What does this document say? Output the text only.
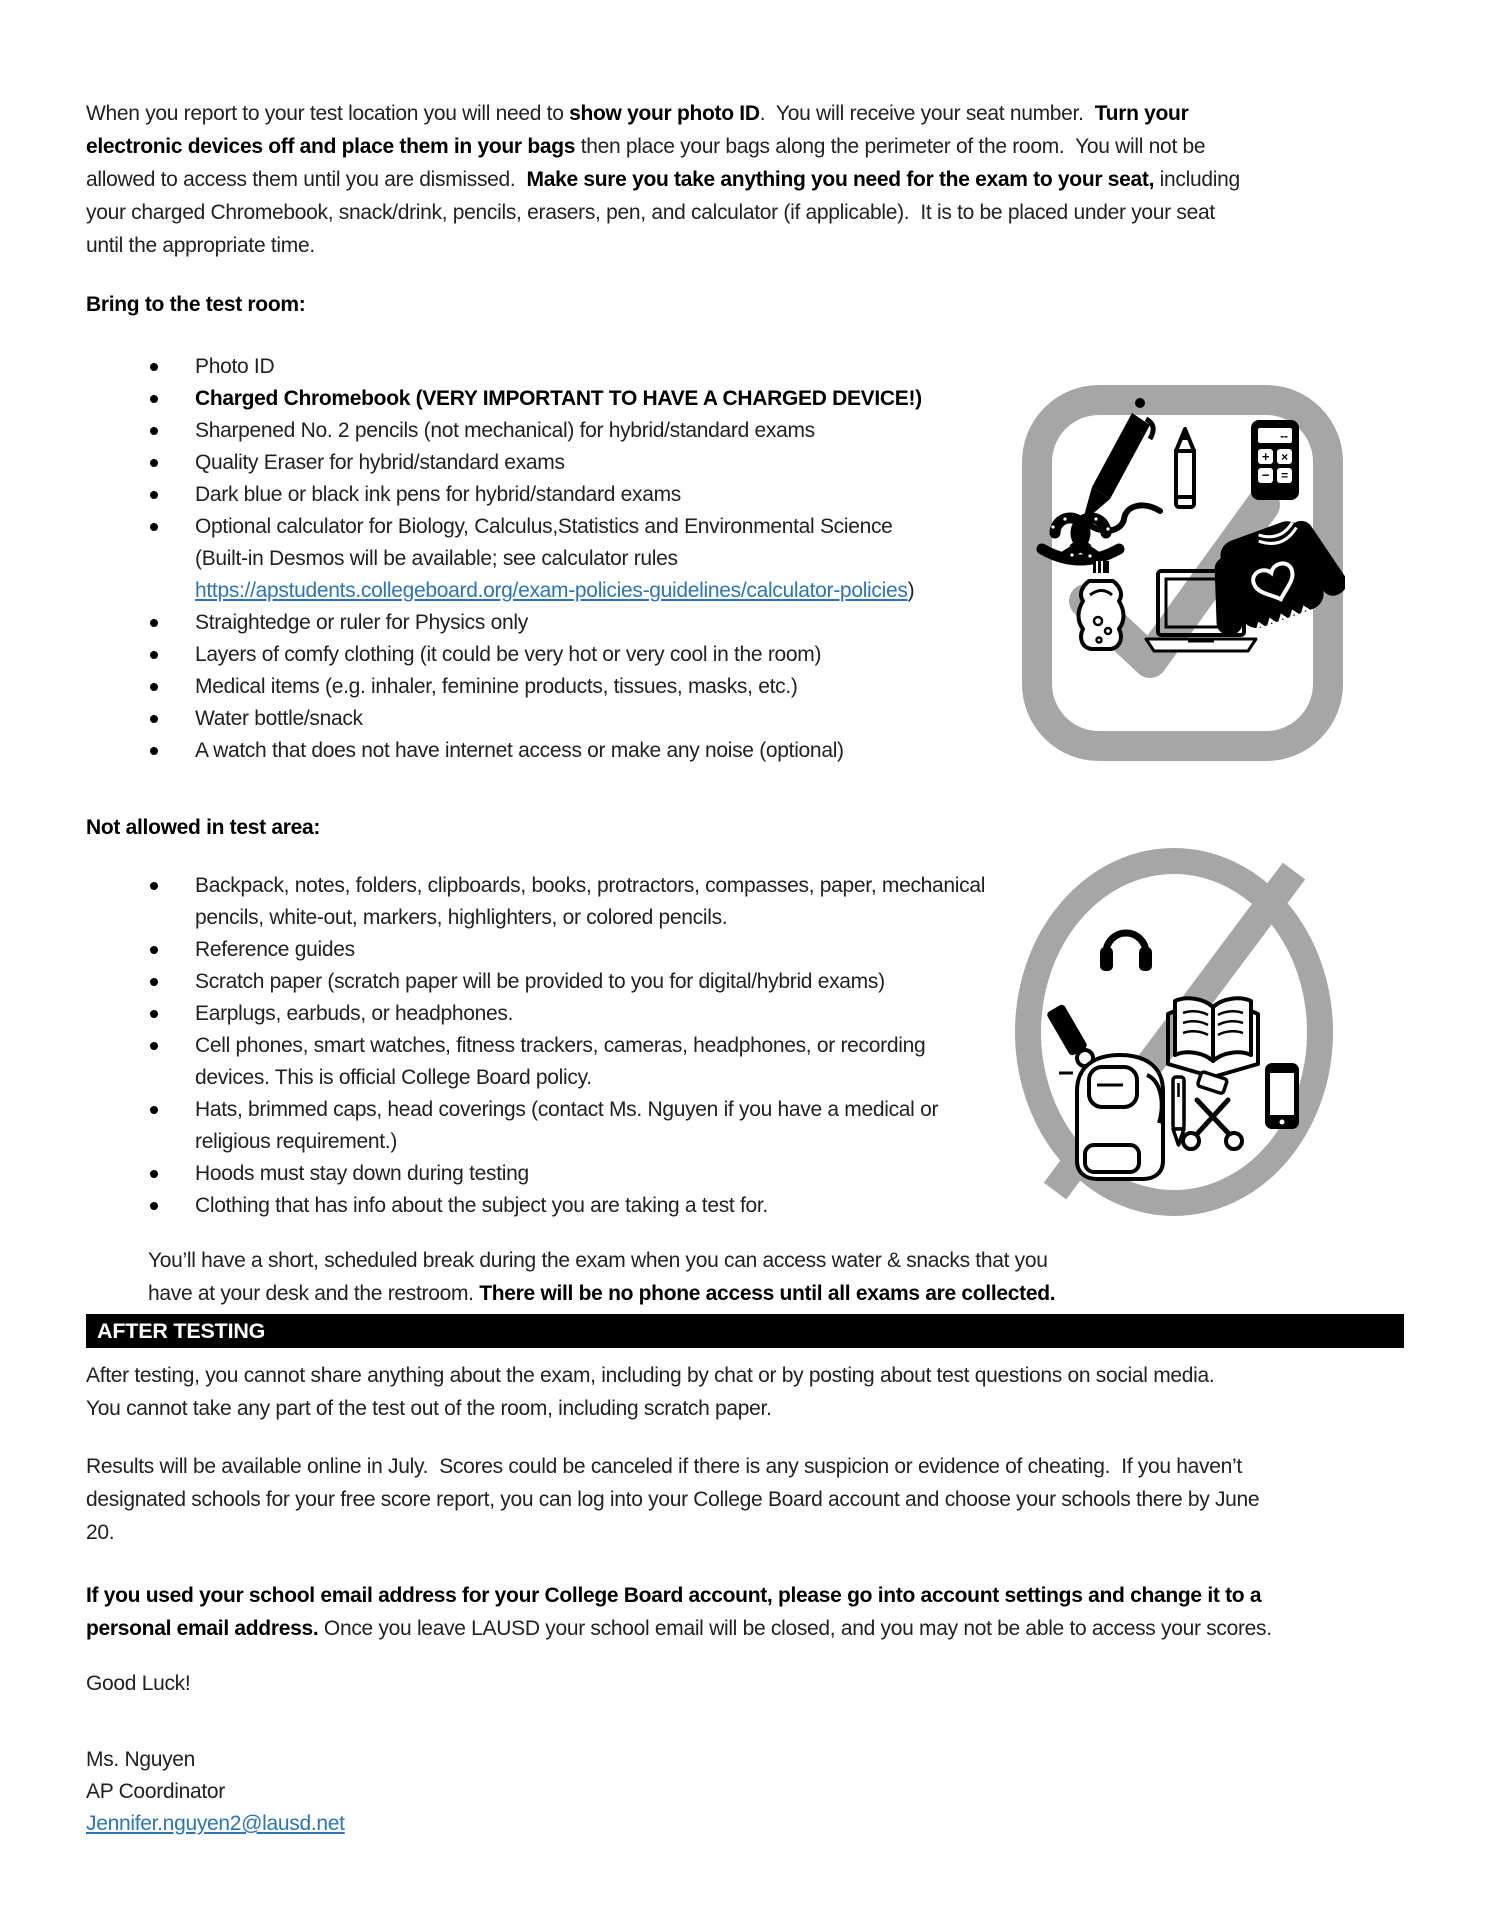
When you report to your test location you will need to show your photo ID.  You will receive your seat number.  Turn your
electronic devices off and place them in your bags then place your bags along the perimeter of the room.  You will not be
allowed to access them until you are dismissed.  Make sure you take anything you need for the exam to your seat, including
your charged Chromebook, snack/drink, pencils, erasers, pen, and calculator (if applicable).  It is to be placed under your seat
until the appropriate time.
Bring to the test room:
Photo ID
Charged Chromebook (VERY IMPORTANT TO HAVE A CHARGED DEVICE!)
Sharpened No. 2 pencils (not mechanical) for hybrid/standard exams
Quality Eraser for hybrid/standard exams
Dark blue or black ink pens for hybrid/standard exams
Optional calculator for Biology, Calculus,Statistics and Environmental Science
(Built-in Desmos will be available; see calculator rules
https://apstudents.collegeboard.org/exam-policies-guidelines/calculator-policies)
Straightedge or ruler for Physics only
Layers of comfy clothing (it could be very hot or very cool in the room)
Medical items (e.g. inhaler, feminine products, tissues, masks, etc.)
Water bottle/snack
A watch that does not have internet access or make any noise (optional)
Not allowed in test area:
Backpack, notes, folders, clipboards, books, protractors, compasses, paper, mechanical
pencils, white-out, markers, highlighters, or colored pencils.
Reference guides
Scratch paper (scratch paper will be provided to you for digital/hybrid exams)
Earplugs, earbuds, or headphones.
Cell phones, smart watches, fitness trackers, cameras, headphones, or recording
devices. This is official College Board policy.
Hats, brimmed caps, head coverings (contact Ms. Nguyen if you have a medical or
religious requirement.)
Hoods must stay down during testing
Clothing that has info about the subject you are taking a test for.
You’ll have a short, scheduled break during the exam when you can access water & snacks that you
have at your desk and the restroom. There will be no phone access until all exams are collected.
AFTER TESTING
After testing, you cannot share anything about the exam, including by chat or by posting about test questions on social media.
You cannot take any part of the test out of the room, including scratch paper.
Results will be available online in July.  Scores could be canceled if there is any suspicion or evidence of cheating.  If you haven’t
designated schools for your free score report, you can log into your College Board account and choose your schools there by June
20.
If you used your school email address for your College Board account, please go into account settings and change it to a
personal email address. Once you leave LAUSD your school email will be closed, and you may not be able to access your scores.
Good Luck!
Ms. Nguyen
AP Coordinator
Jennifer.nguyen2@lausd.net
--
+ ×
− =
